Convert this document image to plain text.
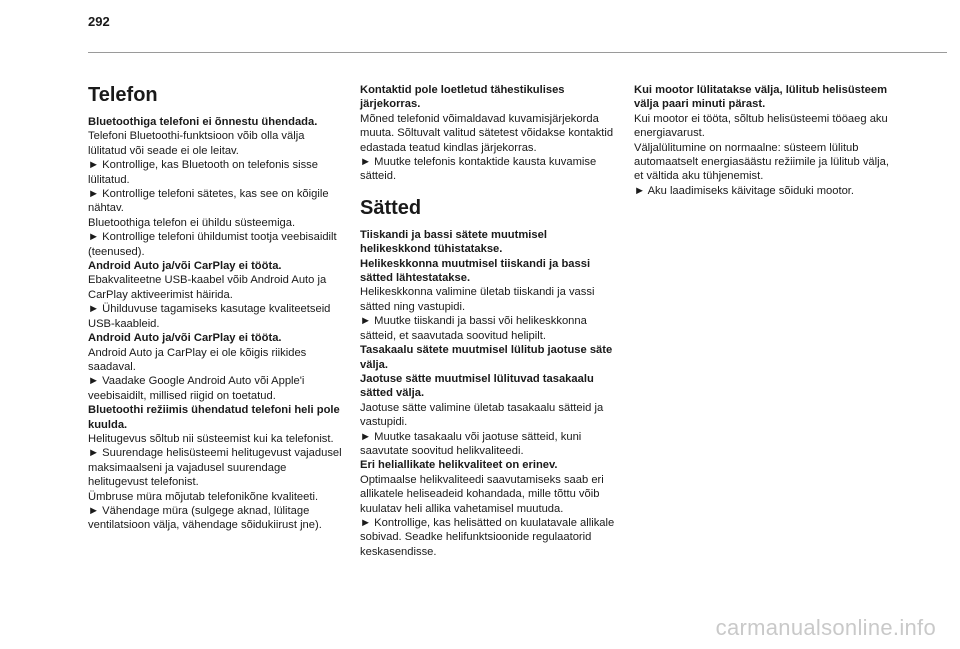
292
Telefon

Bluetoothiga telefoni ei õnnestu ühendada.

Telefoni Bluetoothi-funktsioon võib olla välja lülitatud või seade ei ole leitav.

► Kontrollige, kas Bluetooth on telefonis sisse lülitatud.

► Kontrollige telefoni sätetes, kas see on kõigile nähtav.

Bluetoothiga telefon ei ühildu süsteemiga.

► Kontrollige telefoni ühildumist tootja veebisaidilt (teenused).

Android Auto ja/või CarPlay ei tööta.

Ebakvaliteetne USB-kaabel võib Android Auto ja CarPlay aktiveerimist häirida.

► Ühilduvuse tagamiseks kasutage kvaliteetseid USB-kaableid.

Android Auto ja/või CarPlay ei tööta.

Android Auto ja CarPlay ei ole kõigis riikides saadaval.

► Vaadake Google Android Auto või Apple'i veebisaidilt, millised riigid on toetatud.

Bluetoothi režiimis ühendatud telefoni heli pole kuulda.

Helitugevus sõltub nii süsteemist kui ka telefonist.

► Suurendage helisüsteemi helitugevust vajadusel maksimaalseni ja vajadusel suurendage helitugevust telefonist.

Ümbruse müra mõjutab telefonikõne kvaliteeti.

► Vähendage müra (sulgege aknad, lülitage ventilatsioon välja, vähendage sõidukiirust jne).

Kontaktid pole loetletud tähestikulises järjekorras.

Mõned telefonid võimaldavad kuvamisjärjekorda muuta. Sõltuvalt valitud sätetest võidakse kontaktid edastada teatud kindlas järjekorras.

► Muutke telefonis kontaktide kausta kuvamise sätteid.

Sätted

Tiiskandi ja bassi sätete muutmisel helikeskkond tühistatakse.

Helikeskkonna muutmisel tiiskandi ja bassi sätted lähtestatakse.

Helikeskkonna valimine ületab tiiskandi ja vassi sätted ning vastupidi.

► Muutke tiiskandi ja bassi või helikeskkonna sätteid, et saavutada soovitud helipilt.

Tasakaalu sätete muutmisel lülitub jaotuse säte välja.

Jaotuse sätte muutmisel lülituvad tasakaalu sätted välja.

Jaotuse sätte valimine ületab tasakaalu sätteid ja vastupidi.

► Muutke tasakaalu või jaotuse sätteid, kuni saavutate soovitud helikvaliteedi.

Eri heliallikate helikvaliteet on erinev.

Optimaalse helikvaliteedi saavutamiseks saab eri allikatele heliseadeid kohandada, mille tõttu võib kuulatav heli allika vahetamisel muutuda.

► Kontrollige, kas helisätted on kuulatavale allikale sobivad. Seadke helifunktsioonide regulaatorid keskasendisse.

Kui mootor lülitatakse välja, lülitub helisüsteem välja paari minuti pärast.

Kui mootor ei tööta, sõltub helisüsteemi tööaeg aku energiavarust.

Väljalülitumine on normaalne: süsteem lülitub automaatselt energiasäästu režiimile ja lülitub välja, et vältida aku tühjenemist.

► Aku laadimiseks käivitage sõiduki mootor.

carmanualsonline.info
